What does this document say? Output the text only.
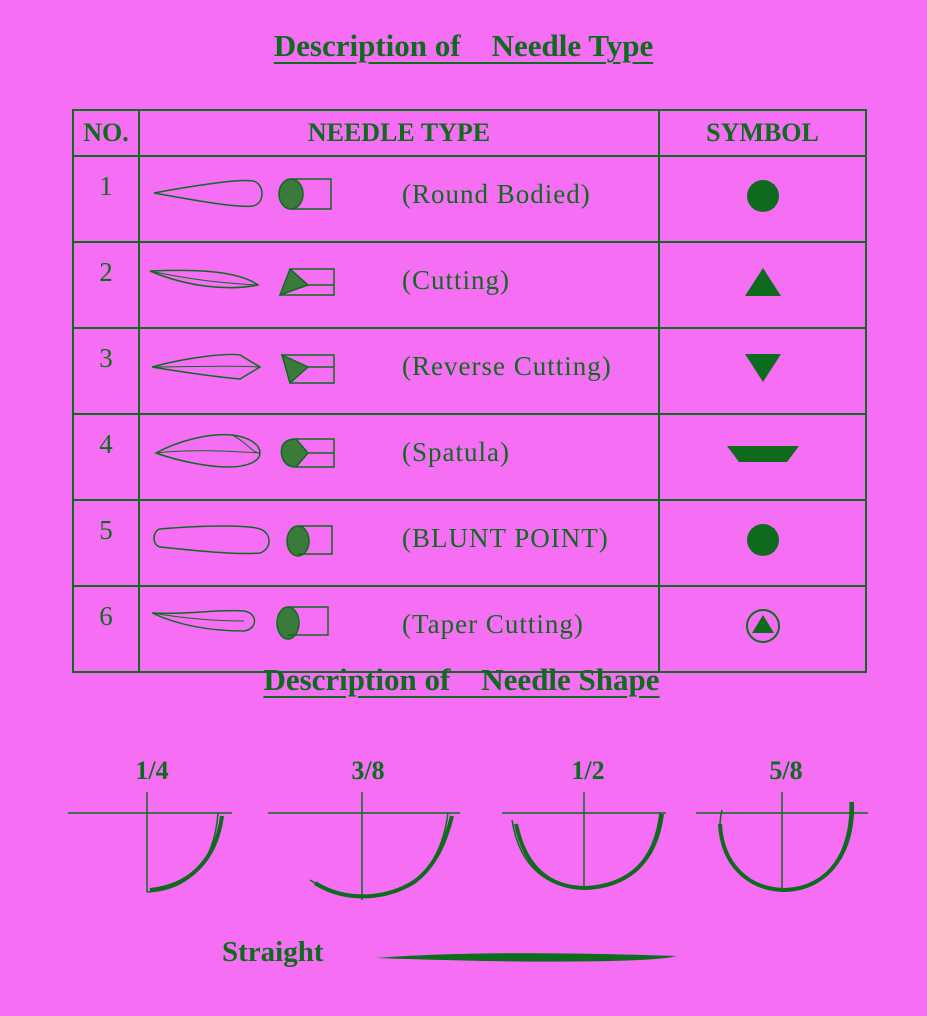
Description of    Needle Type
NO.	NEEDLE TYPE	SYMBOL
1	(Round Bodied)

2	(Cutting)

3	(Reverse Cutting)

4	(Spatula)

5	(BLUNT POINT)

6	(Taper Cutting)

Description of    Needle Shape
1/4	3/8	1/2	5/8
Straight
